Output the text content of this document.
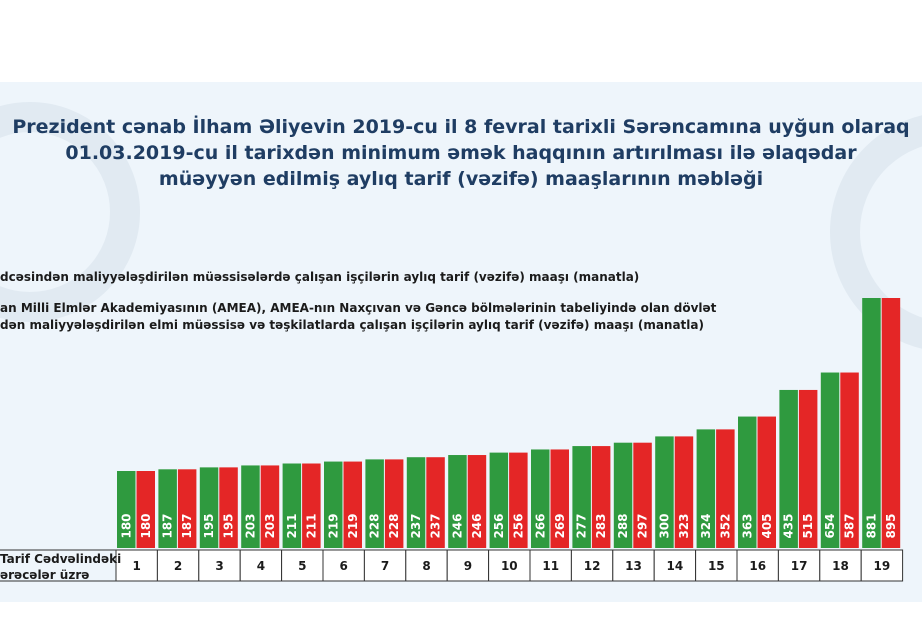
Prezident cənab İlham Əliyevin 2019-cu il 8 fevral tarixli Sərəncamına uyğun olaraq
01.03.2019-cu il tarixdən minimum əmək haqqının artırılması ilə əlaqədar
müəyyən edilmiş aylıq tarif (vəzifə) maaşlarının məbləği

dcəsindən maliyyələşdirilən müəssisələrdə çalışan işçilərin aylıq tarif (vəzifə) maaşı (manatla)

an Milli Elmlər Akademiyasının (AMEA), AMEA-nın Naxçıvan və Gəncə bölmələrinin tabeliyində olan dövlət

dən maliyyələşdirilən elmi müəssisə və təşkilatlarda çalışan işçilərin aylıq tarif (vəzifə) maaşı (manatla)

180 180
1
187 187
2
195 195
3
203 203
4
211 211
5
219 219
6
228 228
7
237 237
8
246 246
9
256 256
10
266 269
11
277 283
12
288 297
13
300 323
14
324 352
15
363 405
16
435 515
17
654 587
18
881 895
19
Tarif Cədvəlindəki
ərəcələr üzrə
